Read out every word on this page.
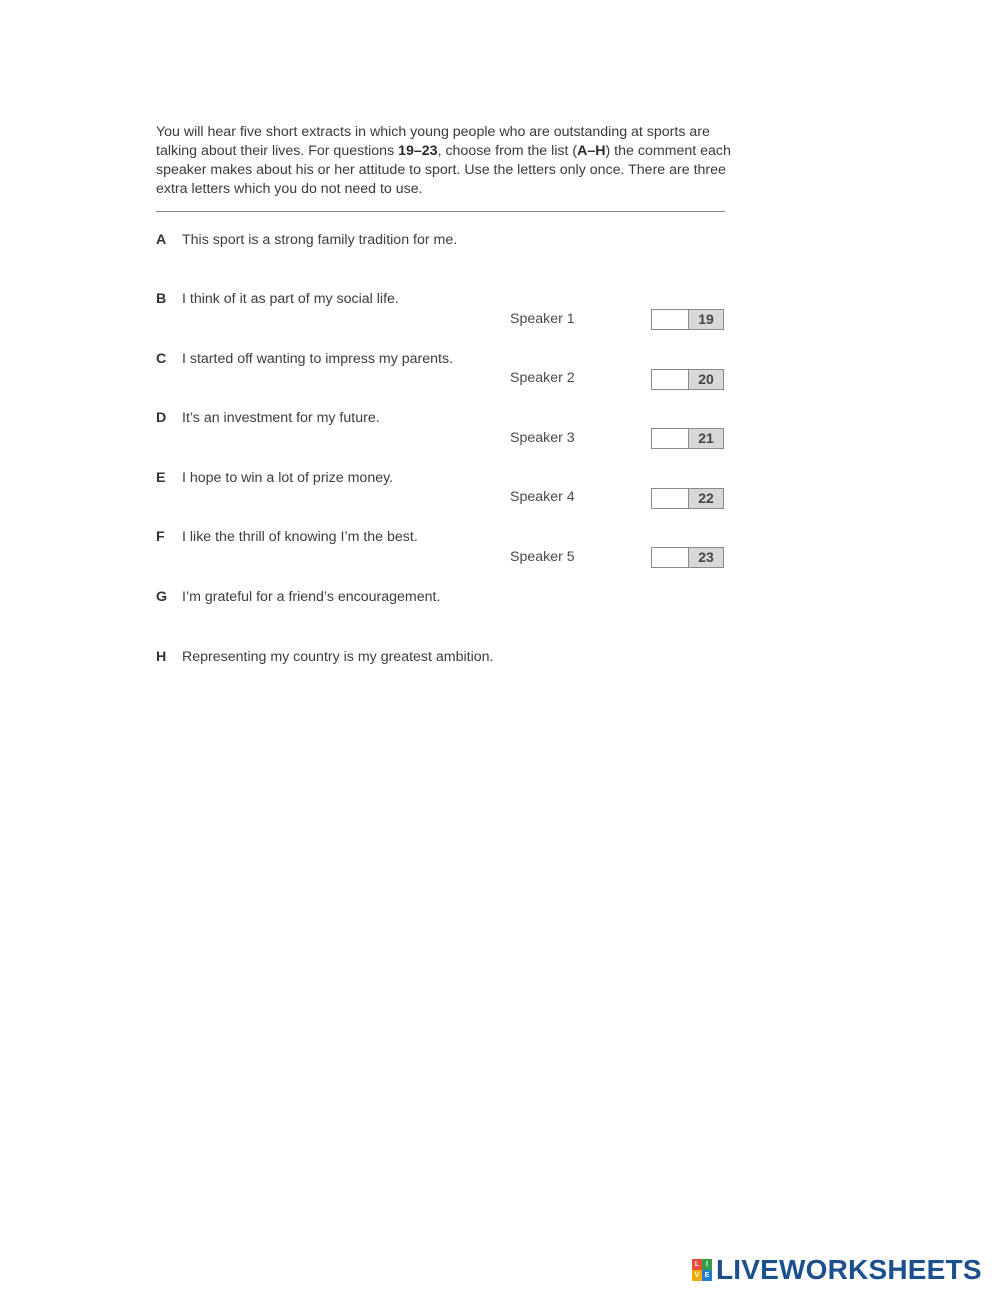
You will hear five short extracts in which young people who are outstanding at sports are talking about their lives. For questions 19–23, choose from the list (A–H) the comment each speaker makes about his or her attitude to sport. Use the letters only once. There are three extra letters which you do not need to use.
A This sport is a strong family tradition for me.
B I think of it as part of my social life.
C I started off wanting to impress my parents.
D It’s an investment for my future.
E I hope to win a lot of prize money.
F I like the thrill of knowing I’m the best.
G I’m grateful for a friend’s encouragement.
H Representing my country is my greatest ambition.
Speaker 1	19
Speaker 2	20
Speaker 3	21
Speaker 4	22
Speaker 5	23
L I
V E LIVEWORKSHEETS
